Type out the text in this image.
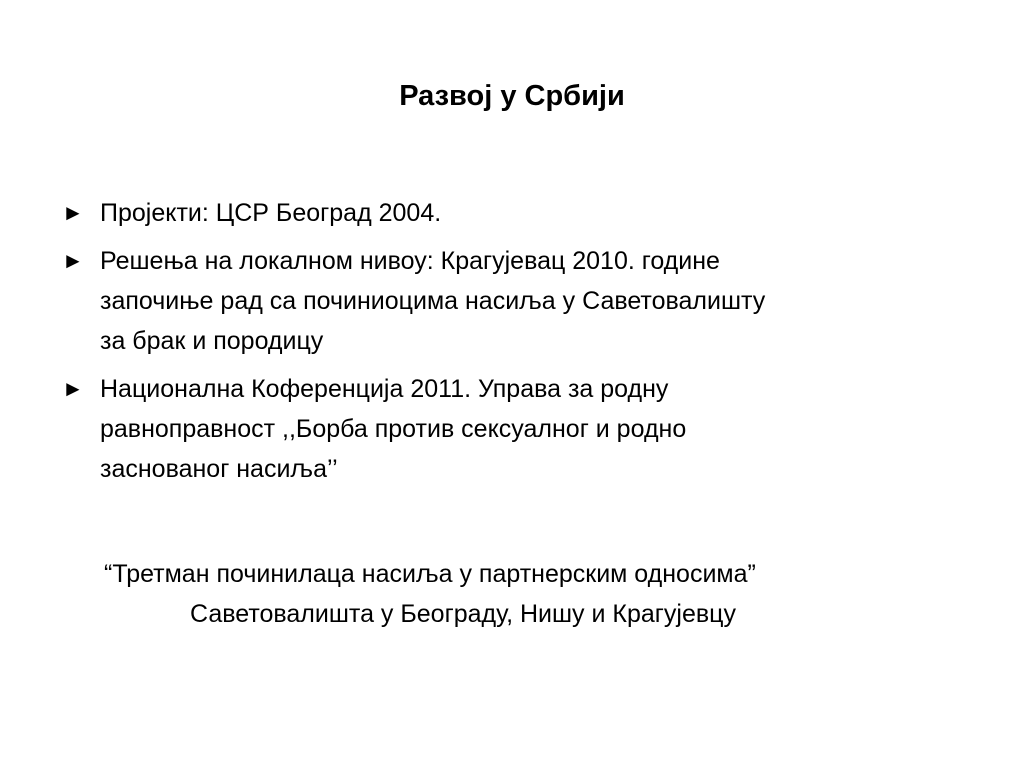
Развој у Србији
► Пројекти: ЦСР Београд 2004.
► Решења на локалном нивоу: Крагујевац 2010. године
започиње рад са починиоцима насиља у Саветовалишту
за брак и породицу
► Национална Коференција 2011. Управа за родну
равноправност ,,Борба против сексуалног и родно
заснованог насиља’’
“Третман починилаца насиља у партнерским односима”
Саветовалишта у Београду, Нишу и Крагујевцу
